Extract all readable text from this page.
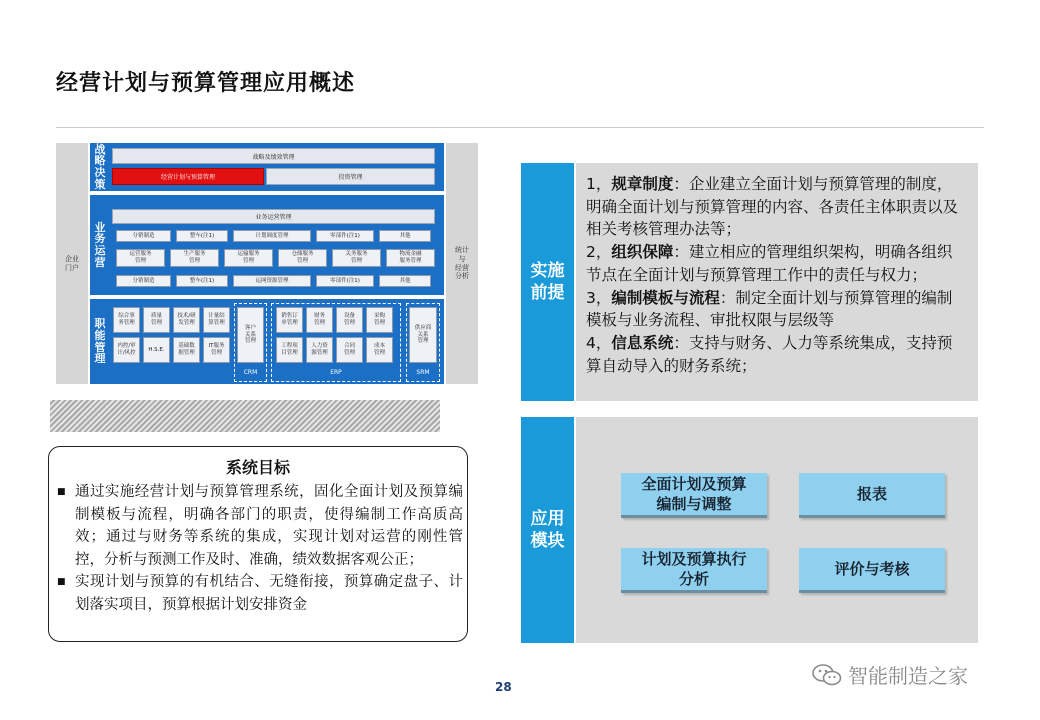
经营计划与预算管理应用概述
企业
门户
统计
与
经营
分析
战
略
决
策
战略及绩效管理
经营计划与预算管理	投资管理
业
务
运
营
业务运营管理
分销制造	整车(注1)	计划调度管理	零部件(注1)	其他
运营服务
管理
生产服务
管理
运输服务
管理
仓储服务
管理
关务服务
管理
物流金融
服务管理
分销制造	整车(注1)	运网资源管理	零部件(注1)	其他
职
能
管
理
综合事
务管理
质量
管理
技术/研
发管理
计量结
算管理
内控/审
计/风控
H.S.E.
基础数
据管理
IT服务
管理
客户
关系
管理
CRM
销售订
单管理
财务
管理
设备
管理
采购
管理
工程项
目管理
人力资
源管理
合同
管理
成本
管理
ERP
供应商
关系
管理
SRM
系统目标
■ 通过实施经营计划与预算管理系统，固化全面计划及预算编制模板与流程，明确各部门的职责，使得编制工作高质高效；通过与财务等系统的集成，实现计划对运营的刚性管控，分析与预测工作及时、准确，绩效数据客观公正；
■ 实现计划与预算的有机结合、无缝衔接，预算确定盘子、计划落实项目，预算根据计划安排资金
实施
前提

1，规章制度：企业建立全面计划与预算管理的制度，明确全面计划与预算管理的内容、各责任主体职责以及相关考核管理办法等；

2，组织保障：建立相应的管理组织架构，明确各组织节点在全面计划与预算管理工作中的责任与权力；

3，编制模板与流程：制定全面计划与预算管理的编制模板与业务流程、审批权限与层级等

4，信息系统：支持与财务、人力等系统集成，支持预算自动导入的财务系统；

应用
模块
全面计划及预算
编制与调整
报表
计划及预算执行
分析
评价与考核
28	智能制造之家
